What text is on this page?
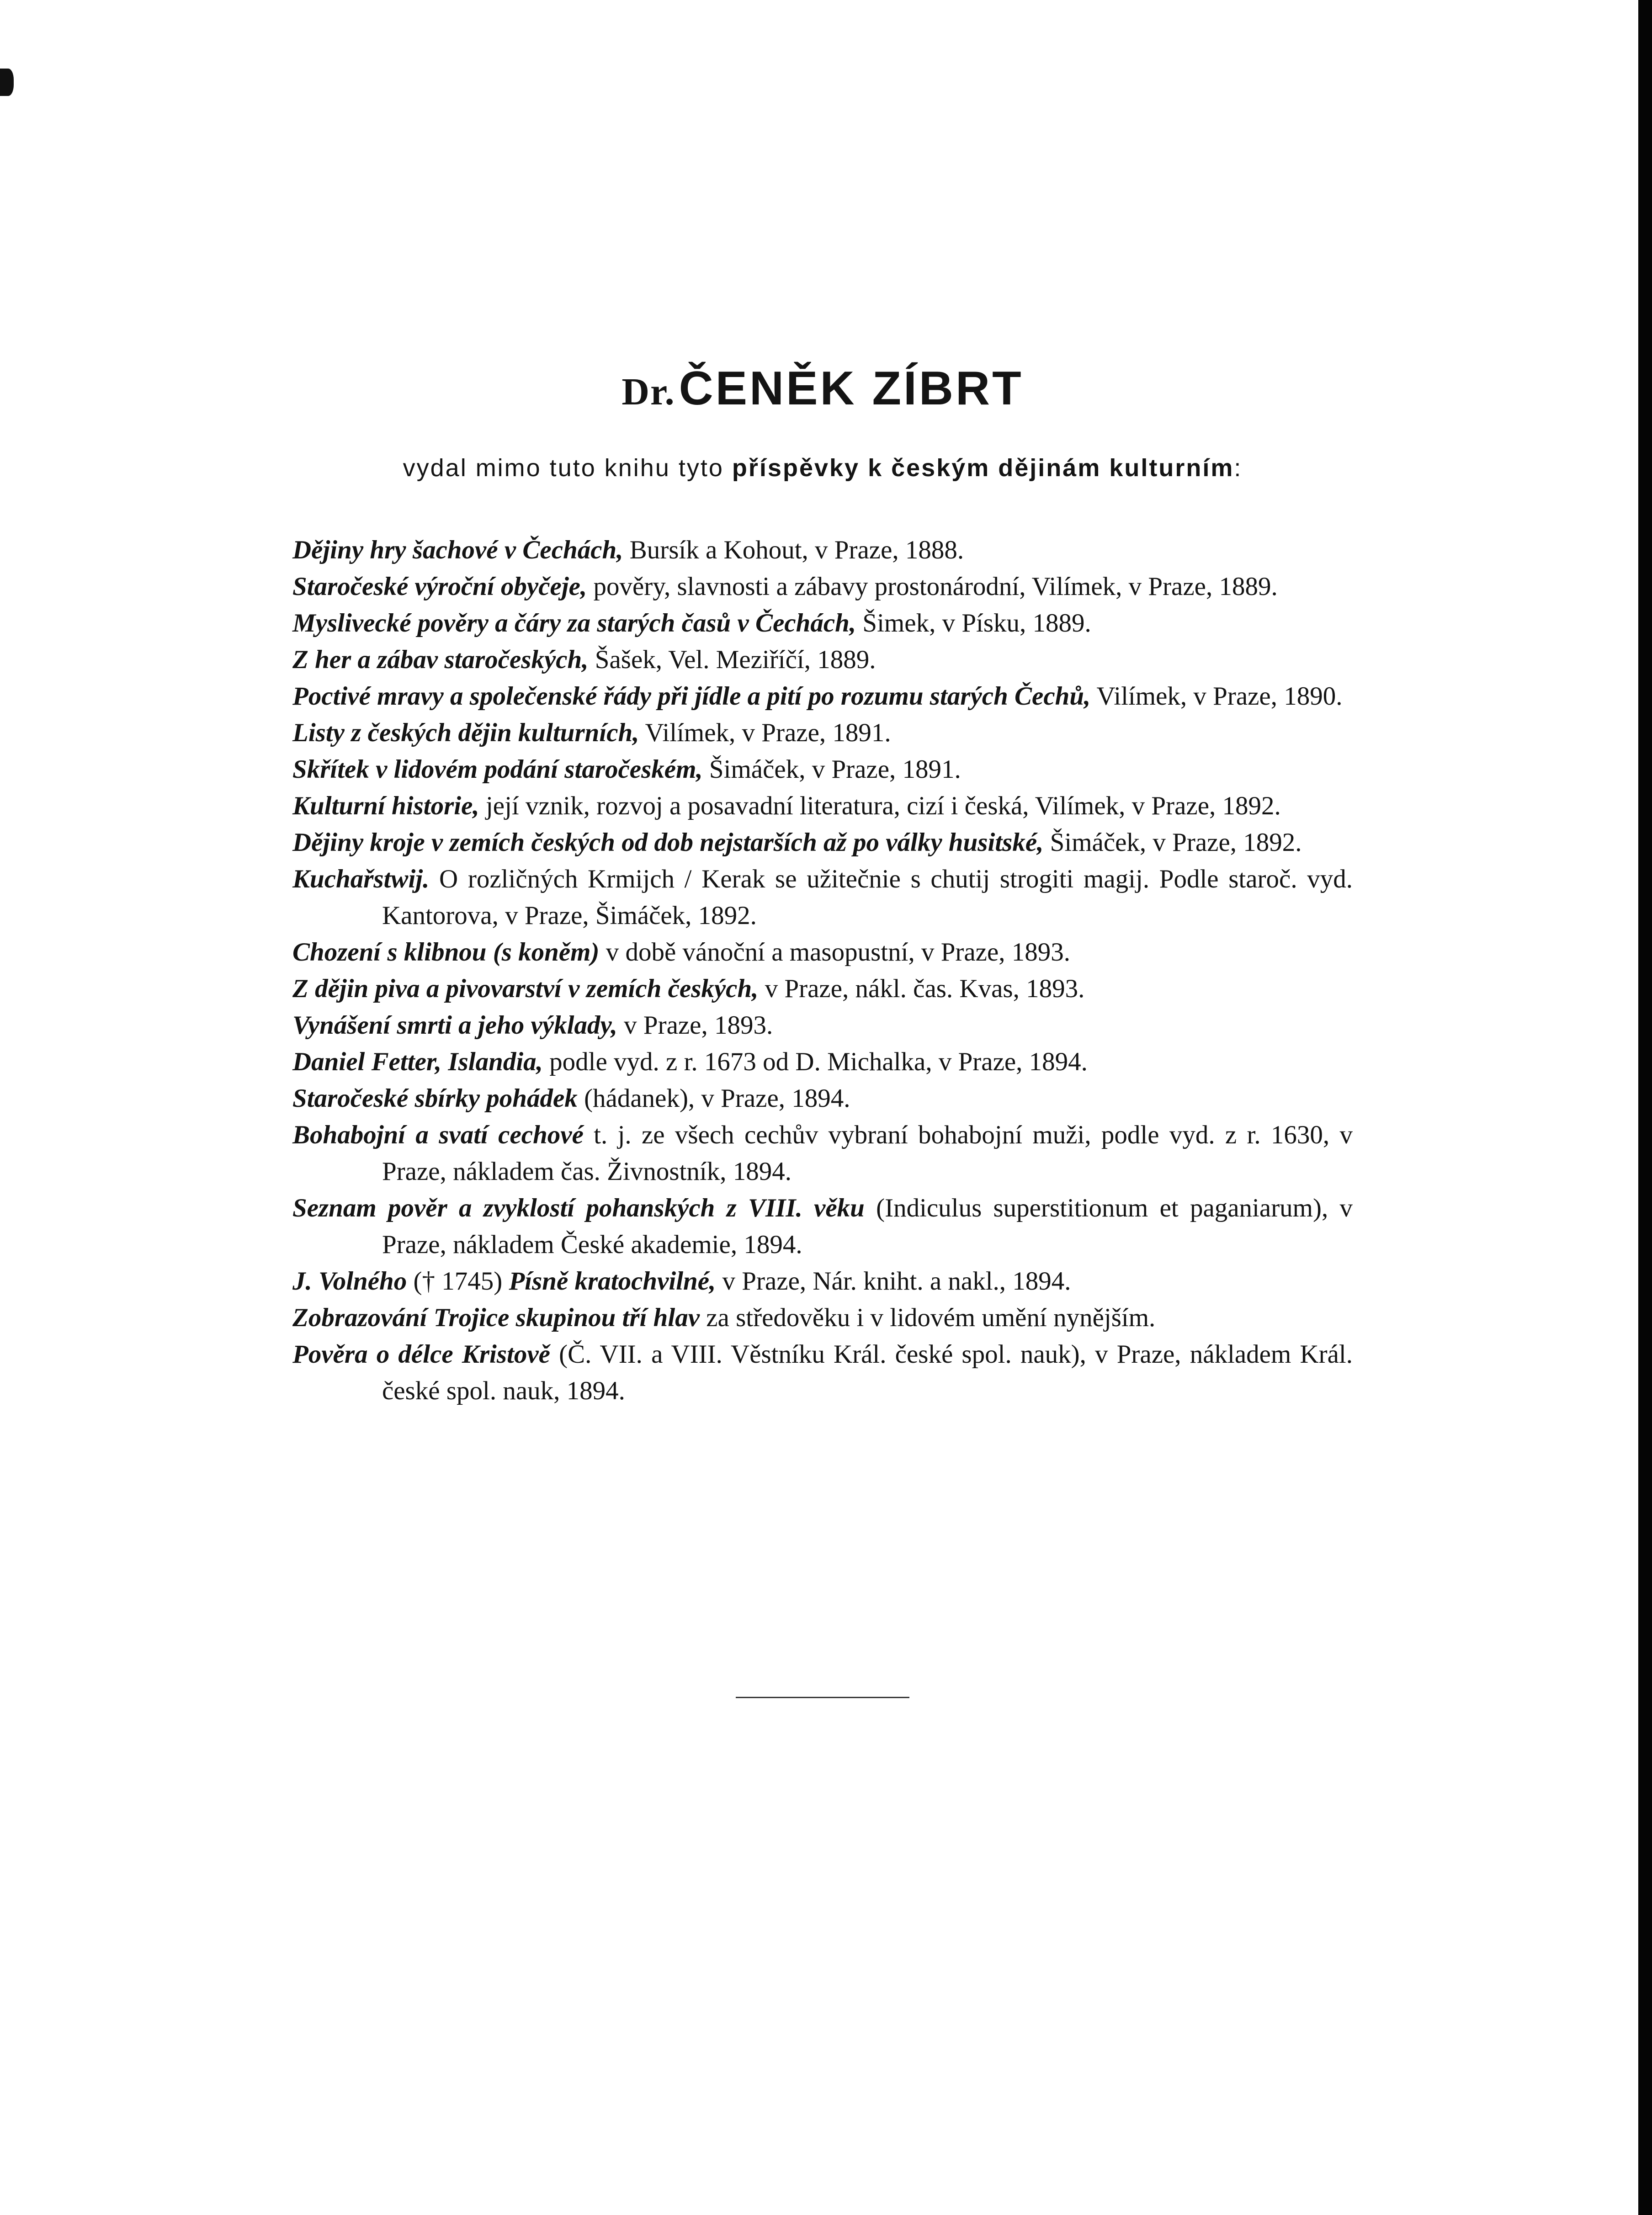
Dr. ČENĚK ZÍBRT

vydal mimo tuto knihu tyto příspěvky k českým dějinám kulturním:

Dějiny hry šachové v Čechách, Bursík a Kohout, v Praze, 1888.
Staročeské výroční obyčeje, pověry, slavnosti a zábavy prostonárodní, Vilímek, v Praze, 1889.
Myslivecké pověry a čáry za starých časů v Čechách, Šimek, v Písku, 1889.
Z her a zábav staročeských, Šašek, Vel. Meziříčí, 1889.
Poctivé mravy a společenské řády při jídle a pití po rozumu starých Čechů, Vilímek, v Praze, 1890.
Listy z českých dějin kulturních, Vilímek, v Praze, 1891.
Skřítek v lidovém podání staročeském, Šimáček, v Praze, 1891.
Kulturní historie, její vznik, rozvoj a posavadní literatura, cizí i česká, Vilímek, v Praze, 1892.
Dějiny kroje v zemích českých od dob nejstarších až po války husitské, Šimáček, v Praze, 1892.
Kuchařstwij. O rozličných Krmijch / Kerak se užitečnie s chutij strogiti magij. Podle staroč. vyd. Kantorova, v Praze, Šimáček, 1892.
Chození s klibnou (s koněm) v době vánoční a masopustní, v Praze, 1893.
Z dějin piva a pivovarství v zemích českých, v Praze, nákl. čas. Kvas, 1893.
Vynášení smrti a jeho výklady, v Praze, 1893.
Daniel Fetter, Islandia, podle vyd. z r. 1673 od D. Michalka, v Praze, 1894.
Staročeské sbírky pohádek (hádanek), v Praze, 1894.
Bohabojní a svatí cechové t. j. ze všech cechův vybraní bohabojní muži, podle vyd. z r. 1630, v Praze, nákladem čas. Živnostník, 1894.
Seznam pověr a zvyklostí pohanských z VIII. věku (Indiculus superstitionum et paganiarum), v Praze, nákladem České akademie, 1894.
J. Volného († 1745) Písně kratochvilné, v Praze, Nár. kniht. a nakl., 1894.
Zobrazování Trojice skupinou tří hlav za středověku i v lidovém umění nynějším.
Pověra o délce Kristově (Č. VII. a VIII. Věstníku Král. české spol. nauk), v Praze, nákladem Král. české spol. nauk, 1894.
